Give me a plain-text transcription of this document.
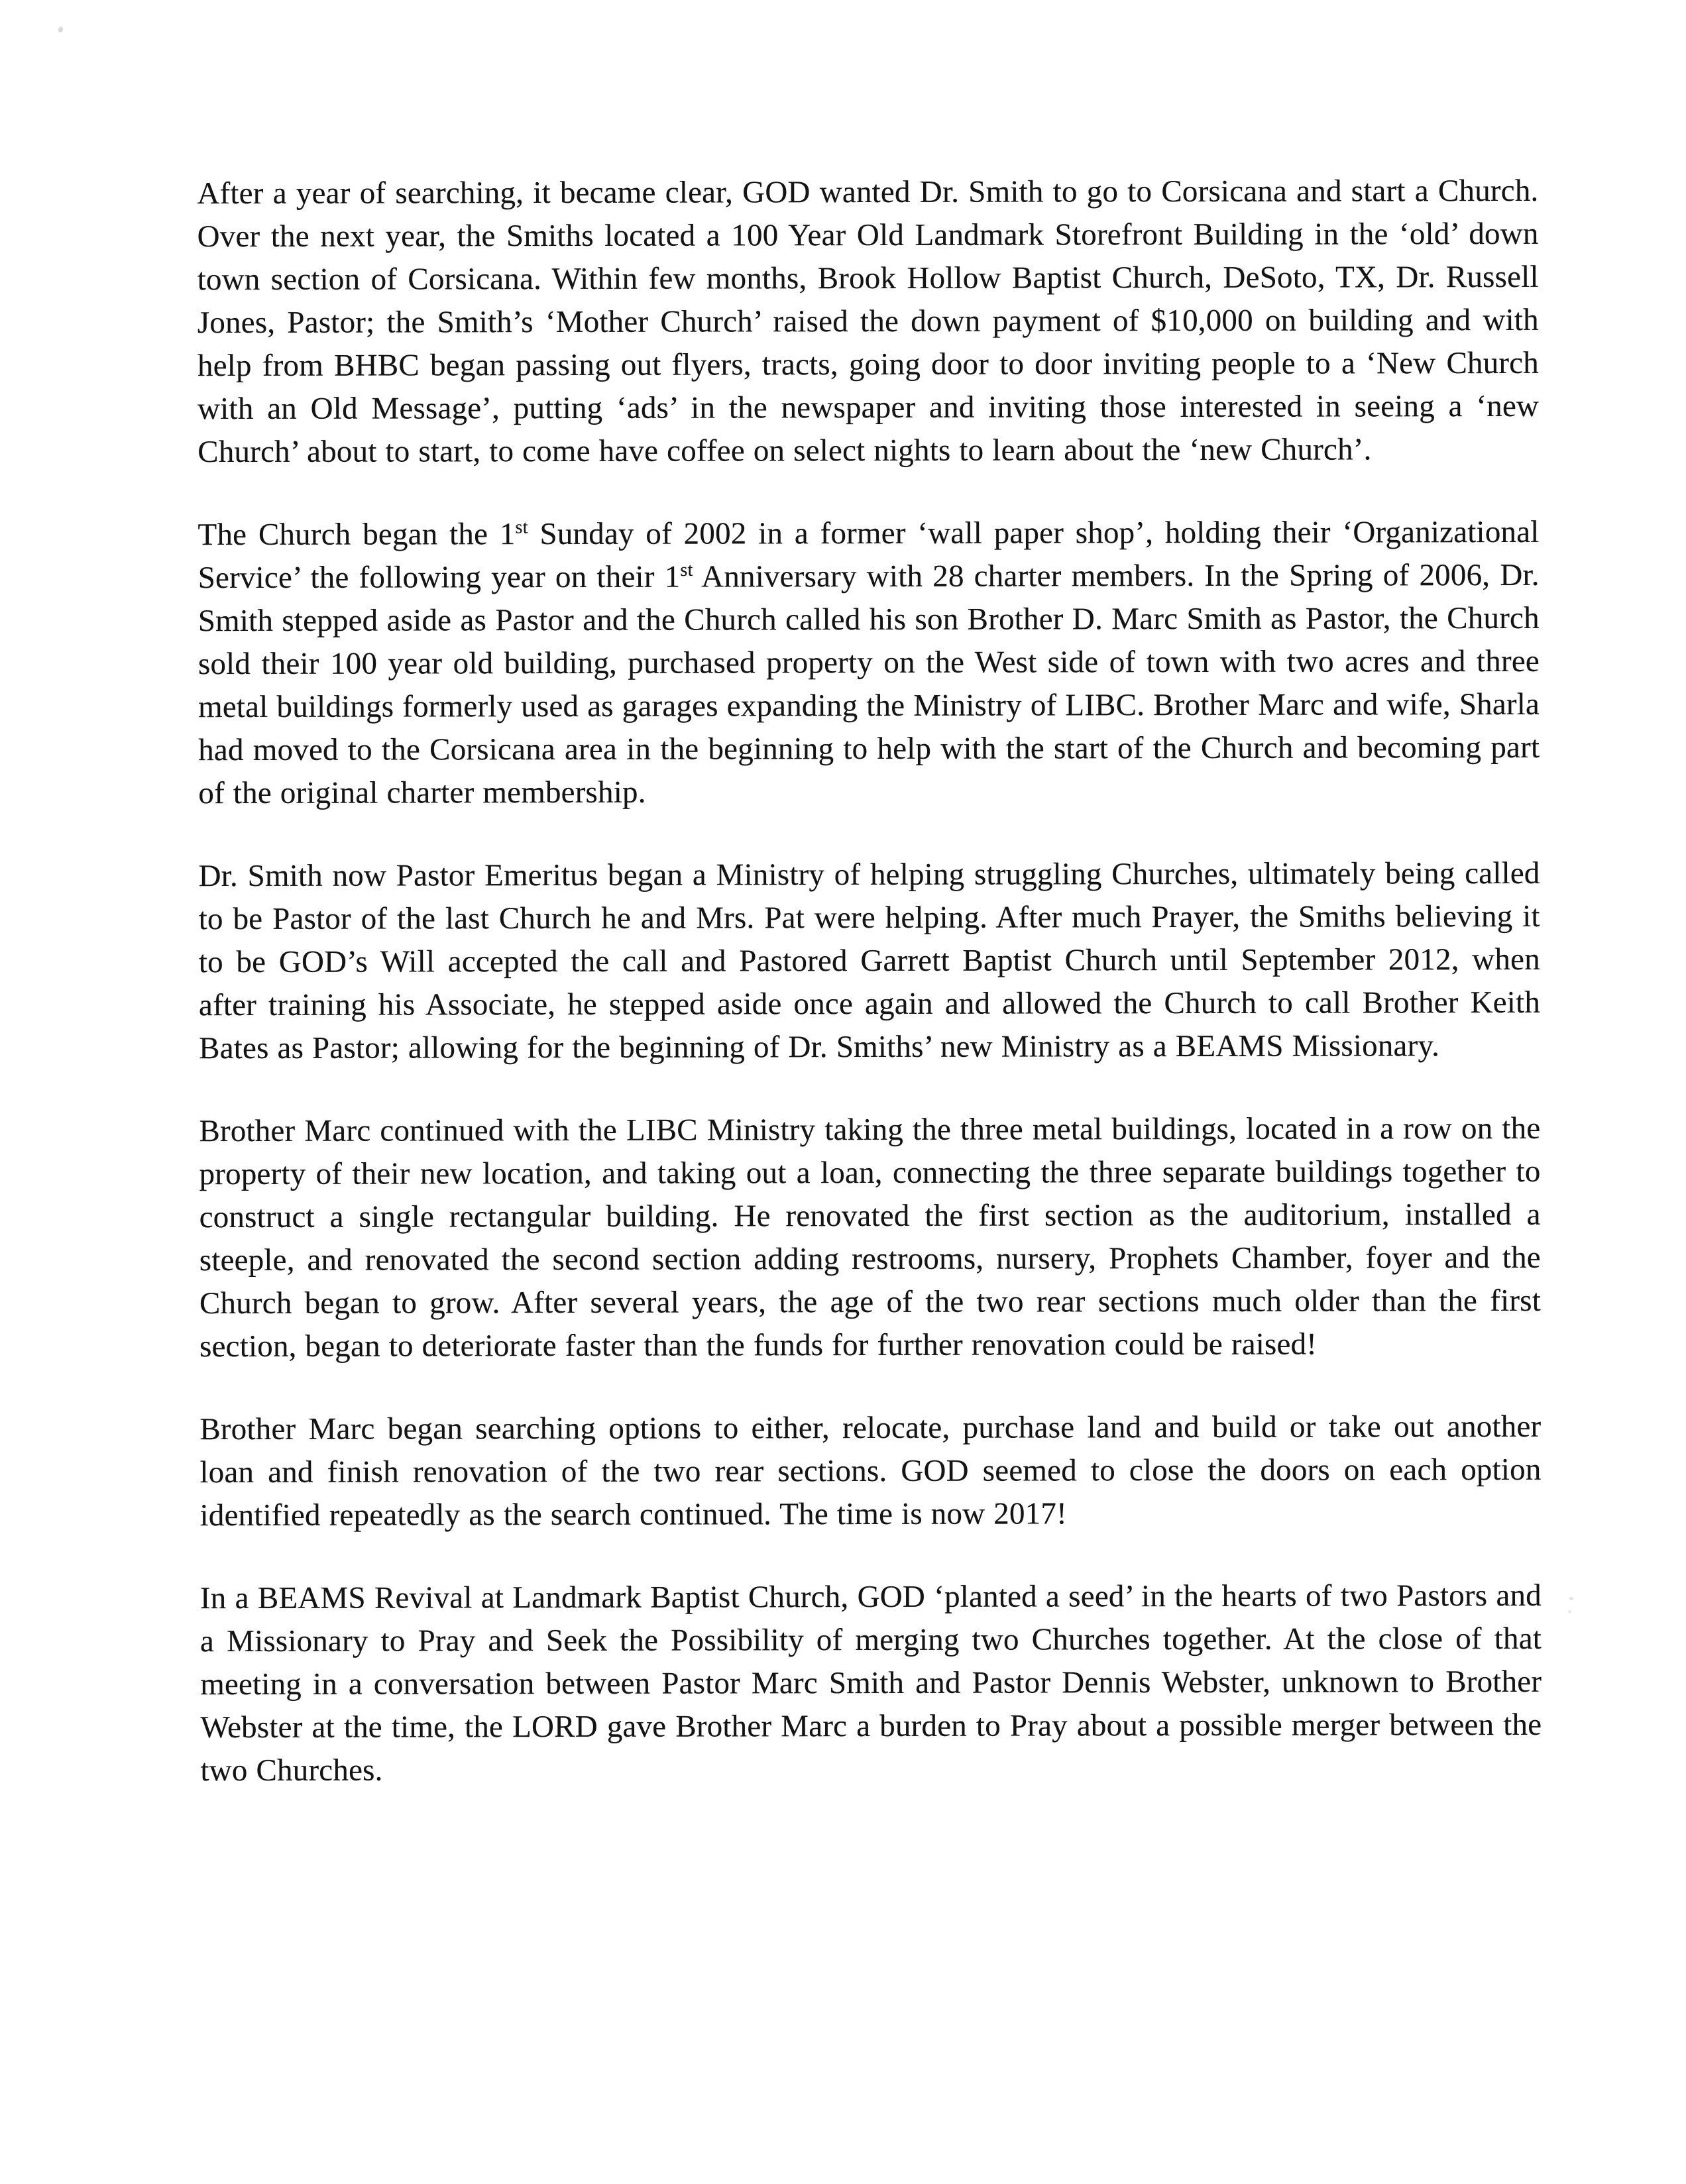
After a year of searching, it became clear, GOD wanted Dr. Smith to go to Corsicana and start a Church. Over the next year, the Smiths located a 100 Year Old Landmark Storefront Building in the ‘old’ down town section of Corsicana. Within few months, Brook Hollow Baptist Church, DeSoto, TX, Dr. Russell Jones, Pastor; the Smith’s ‘Mother Church’ raised the down payment of $10,000 on building and with help from BHBC began passing out flyers, tracts, going door to door inviting people to a ‘New Church with an Old Message’, putting ‘ads’ in the newspaper and inviting those interested in seeing a ‘new Church’ about to start, to come have coffee on select nights to learn about the ‘new Church’.

The Church began the 1st Sunday of 2002 in a former ‘wall paper shop’, holding their ‘Organizational Service’ the following year on their 1st Anniversary with 28 charter members. In the Spring of 2006, Dr. Smith stepped aside as Pastor and the Church called his son Brother D. Marc Smith as Pastor, the Church sold their 100 year old building, purchased property on the West side of town with two acres and three metal buildings formerly used as garages expanding the Ministry of LIBC. Brother Marc and wife, Sharla had moved to the Corsicana area in the beginning to help with the start of the Church and becoming part of the original charter membership.

Dr. Smith now Pastor Emeritus began a Ministry of helping struggling Churches, ultimately being called to be Pastor of the last Church he and Mrs. Pat were helping. After much Prayer, the Smiths believing it to be GOD’s Will accepted the call and Pastored Garrett Baptist Church until September 2012, when after training his Associate, he stepped aside once again and allowed the Church to call Brother Keith Bates as Pastor; allowing for the beginning of Dr. Smiths’ new Ministry as a BEAMS Missionary.

Brother Marc continued with the LIBC Ministry taking the three metal buildings, located in a row on the property of their new location, and taking out a loan, connecting the three separate buildings together to construct a single rectangular building. He renovated the first section as the auditorium, installed a steeple, and renovated the second section adding restrooms, nursery, Prophets Chamber, foyer and the Church began to grow. After several years, the age of the two rear sections much older than the first section, began to deteriorate faster than the funds for further renovation could be raised!

Brother Marc began searching options to either, relocate, purchase land and build or take out another loan and finish renovation of the two rear sections. GOD seemed to close the doors on each option identified repeatedly as the search continued. The time is now 2017!

In a BEAMS Revival at Landmark Baptist Church, GOD ‘planted a seed’ in the hearts of two Pastors and a Missionary to Pray and Seek the Possibility of merging two Churches together. At the close of that meeting in a conversation between Pastor Marc Smith and Pastor Dennis Webster, unknown to Brother Webster at the time, the LORD gave Brother Marc a burden to Pray about a possible merger between the two Churches.
